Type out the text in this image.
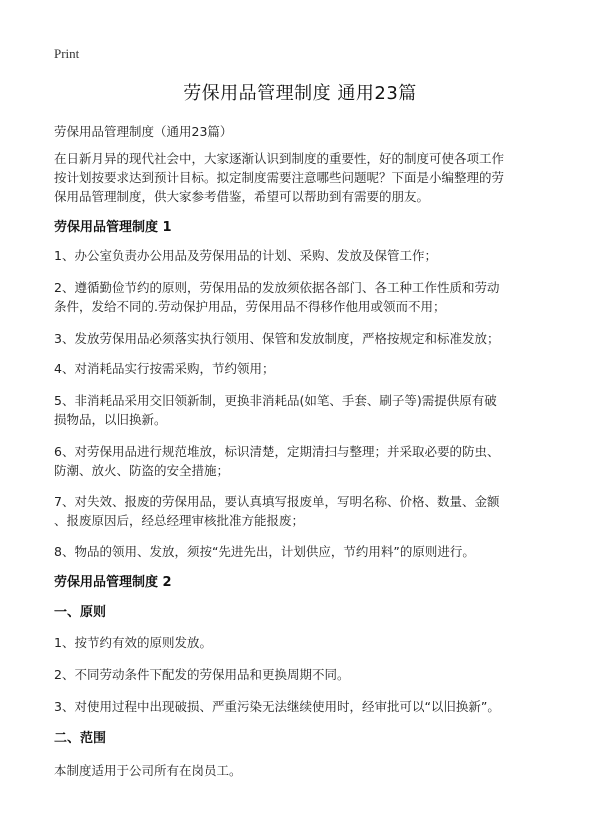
Print
劳保用品管理制度 通用23篇
劳保用品管理制度（通用23篇）
在日新月异的现代社会中，大家逐渐认识到制度的重要性，好的制度可使各项工作
按计划按要求达到预计目标。拟定制度需要注意哪些问题呢？下面是小编整理的劳
保用品管理制度，供大家参考借鉴，希望可以帮助到有需要的朋友。
劳保用品管理制度 1
1、办公室负责办公用品及劳保用品的计划、采购、发放及保管工作；
2、遵循勤俭节约的原则，劳保用品的发放须依据各部门、各工种工作性质和劳动
条件，发给不同的.劳动保护用品，劳保用品不得移作他用或领而不用；
3、发放劳保用品必须落实执行领用、保管和发放制度，严格按规定和标准发放；
4、对消耗品实行按需采购，节约领用；
5、非消耗品采用交旧领新制，更换非消耗品(如笔、手套、刷子等)需提供原有破
损物品，以旧换新。
6、对劳保用品进行规范堆放，标识清楚，定期清扫与整理；并采取必要的防虫、
防潮、放火、防盗的安全措施；
7、对失效、报废的劳保用品，要认真填写报废单，写明名称、价格、数量、金额
、报废原因后，经总经理审核批准方能报废；
8、物品的领用、发放，须按“先进先出，计划供应，节约用料”的原则进行。
劳保用品管理制度 2
一、原则
1、按节约有效的原则发放。
2、不同劳动条件下配发的劳保用品和更换周期不同。
3、对使用过程中出现破损、严重污染无法继续使用时，经审批可以“以旧换新”。
二、范围
本制度适用于公司所有在岗员工。
